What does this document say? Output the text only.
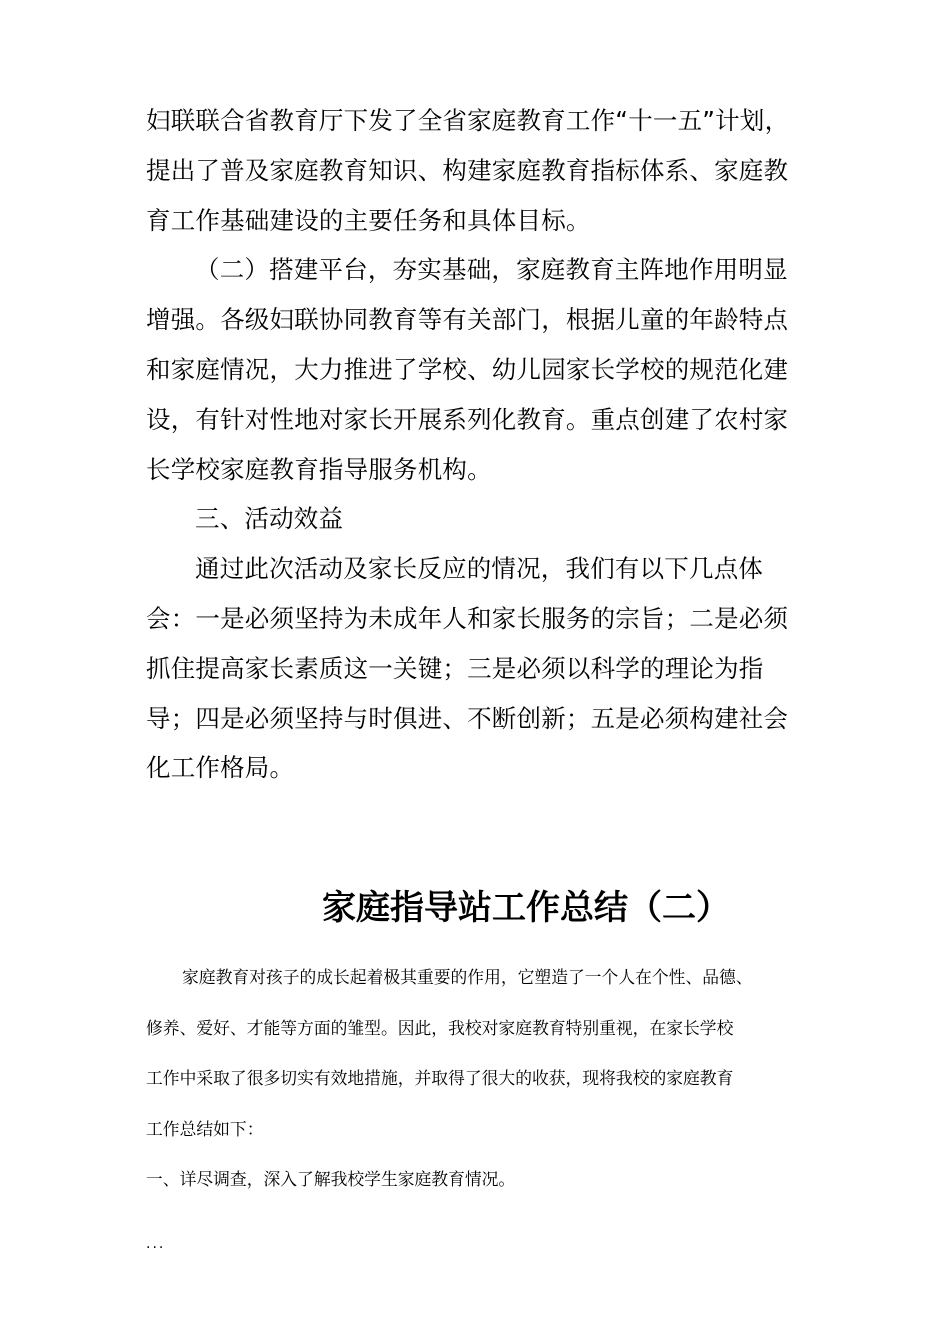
妇联联合省教育厅下发了全省家庭教育工作“十一五”计划，
提出了普及家庭教育知识、构建家庭教育指标体系、家庭教
育工作基础建设的主要任务和具体目标。
（二）搭建平台，夯实基础，家庭教育主阵地作用明显
增强。各级妇联协同教育等有关部门，根据儿童的年龄特点
和家庭情况，大力推进了学校、幼儿园家长学校的规范化建
设，有针对性地对家长开展系列化教育。重点创建了农村家
长学校家庭教育指导服务机构。
三、活动效益
通过此次活动及家长反应的情况，我们有以下几点体
会：一是必须坚持为未成年人和家长服务的宗旨；二是必须
抓住提高家长素质这一关键；三是必须以科学的理论为指
导；四是必须坚持与时俱进、不断创新；五是必须构建社会
化工作格局。
家庭指导站工作总结（二）
家庭教育对孩子的成长起着极其重要的作用，它塑造了一个人在个性、品德、
修养、爱好、才能等方面的雏型。因此，我校对家庭教育特别重视，在家长学校
工作中采取了很多切实有效地措施，并取得了很大的收获，现将我校的家庭教育
工作总结如下：
一、详尽调查，深入了解我校学生家庭教育情况。
...
